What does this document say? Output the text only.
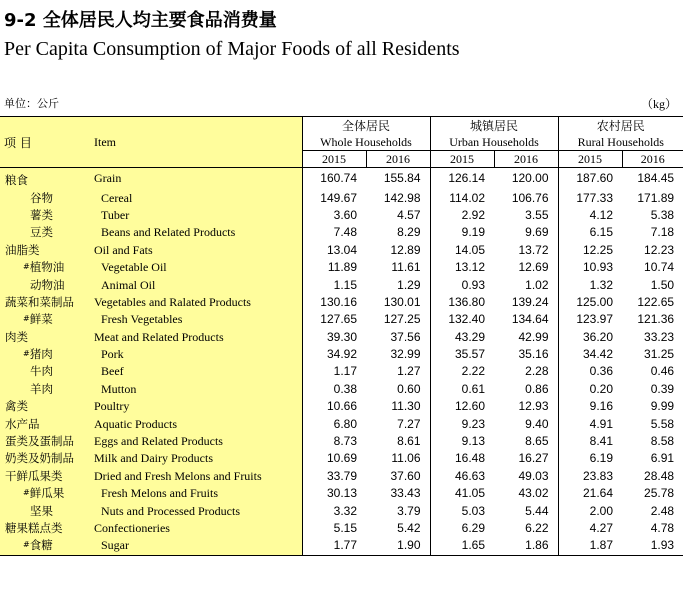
9-2 全体居民人均主要食品消费量
Per Capita Consumption of Major Foods of all Residents
单位：公斤	（kg）
项 目	Item	全体居民		城镇居民		农村居民	
		Whole Households		Urban Households		Rural Households	
		2015	2016	2015	2016	2015	2016
粮食	Grain	160.74	155.84	126.14	120.00	187.60	184.45
谷物	Cereal	149.67	142.98	114.02	106.76	177.33	171.89
薯类	Tuber	3.60	4.57	2.92	3.55	4.12	5.38
豆类	Beans and Related Products	7.48	8.29	9.19	9.69	6.15	7.18
油脂类	Oil and Fats	13.04	12.89	14.05	13.72	12.25	12.23
#植物油	Vegetable Oil	11.89	11.61	13.12	12.69	10.93	10.74
动物油	Animal Oil	1.15	1.29	0.93	1.02	1.32	1.50
蔬菜和菜制品	Vegetables and Ralated Products	130.16	130.01	136.80	139.24	125.00	122.65
#鲜菜	Fresh Vegetables	127.65	127.25	132.40	134.64	123.97	121.36
肉类	Meat and Related Products	39.30	37.56	43.29	42.99	36.20	33.23
#猪肉	Pork	34.92	32.99	35.57	35.16	34.42	31.25
牛肉	Beef	1.17	1.27	2.22	2.28	0.36	0.46
羊肉	Mutton	0.38	0.60	0.61	0.86	0.20	0.39
禽类	Poultry	10.66	11.30	12.60	12.93	9.16	9.99
水产品	Aquatic Products	6.80	7.27	9.23	9.40	4.91	5.58
蛋类及蛋制品	Eggs and Related Products	8.73	8.61	9.13	8.65	8.41	8.58
奶类及奶制品	Milk and Dairy Products	10.69	11.06	16.48	16.27	6.19	6.91
干鲜瓜果类	Dried and Fresh Melons and Fruits	33.79	37.60	46.63	49.03	23.83	28.48
#鲜瓜果	Fresh Melons and Fruits	30.13	33.43	41.05	43.02	21.64	25.78
坚果	Nuts and Processed Products	3.32	3.79	5.03	5.44	2.00	2.48
糖果糕点类	Confectioneries	5.15	5.42	6.29	6.22	4.27	4.78
#食糖	Sugar	1.77	1.90	1.65	1.86	1.87	1.93
